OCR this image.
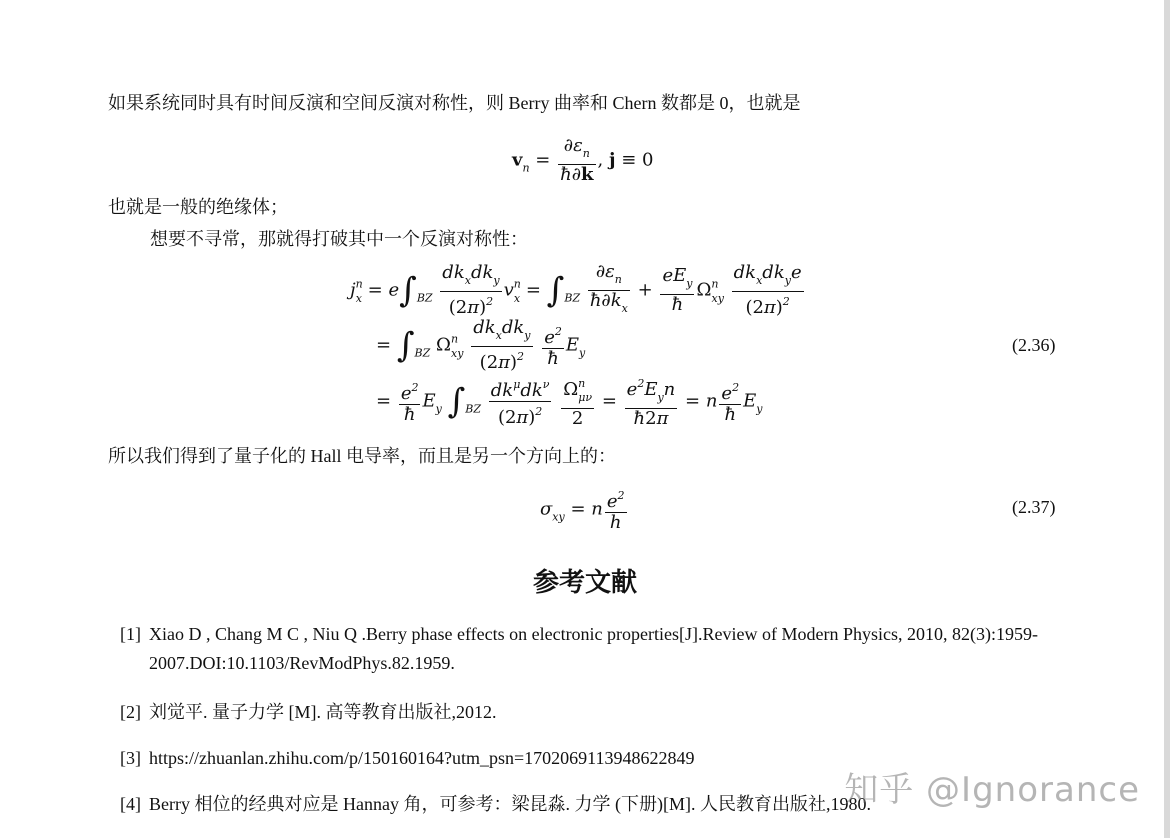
如果系统同时具有时间反演和空间反演对称性，则 Berry 曲率和 Chern 数都是 0，也就是
$v_n = \frac{\partial\varepsilon_n}{ħ\partial k}$ , j ≡ 0
也就是一般的绝缘体；
想要不寻常，那就得打破其中一个反演对称性：
$j^n_x = e\int_{BZ} \frac{dk_xdk_y}{(2\pi)^2} v^n_x = \int_{BZ} \frac{\partial\varepsilon_n}{ħ\partial k_x} + \frac{eE_y}{ħ} \Omega^n_{xy} \frac{dk_xdk_ye}{(2\pi)^2}$
= $\int_{BZ}$ $\Omega^n_{xy} \frac{dk_xdk_y}{(2\pi)^2}$
$\frac{e^2}{ħ} E_y$	(2.36)
= $\frac{e^2}{ħ} E_y$ $\int_{BZ} \frac{dk^\mu dk^\nu}{(2\pi)^2}$
$\frac{\Omega^n_{\mu\nu}}{2} = \frac{e^2E_yn}{ħ2\pi} = n \frac{e^2}{ħ} E_y$
所以我们得到了量子化的 Hall 电导率，而且是另一个方向上的：
$\sigma_{xy} = n \frac{e^2}{h}$	(2.37)
参考文献
[1] Xiao D , Chang M C , Niu Q .Berry phase effects on electronic properties[J].Review of Modern Physics, 2010, 82(3):1959-2007.DOI:10.1103/RevModPhys.82.1959.
[2] 刘觉平. 量子力学 [M]. 高等教育出版社,2012.
[3] https://zhuanlan.zhihu.com/p/150160164?utm_psn=1702069113948622849
[4] Berry 相位的经典对应是 Hannay 角，可参考：梁昆淼. 力学 (下册)[M]. 人民教育出版社,1980.
知乎 @Ignorance
